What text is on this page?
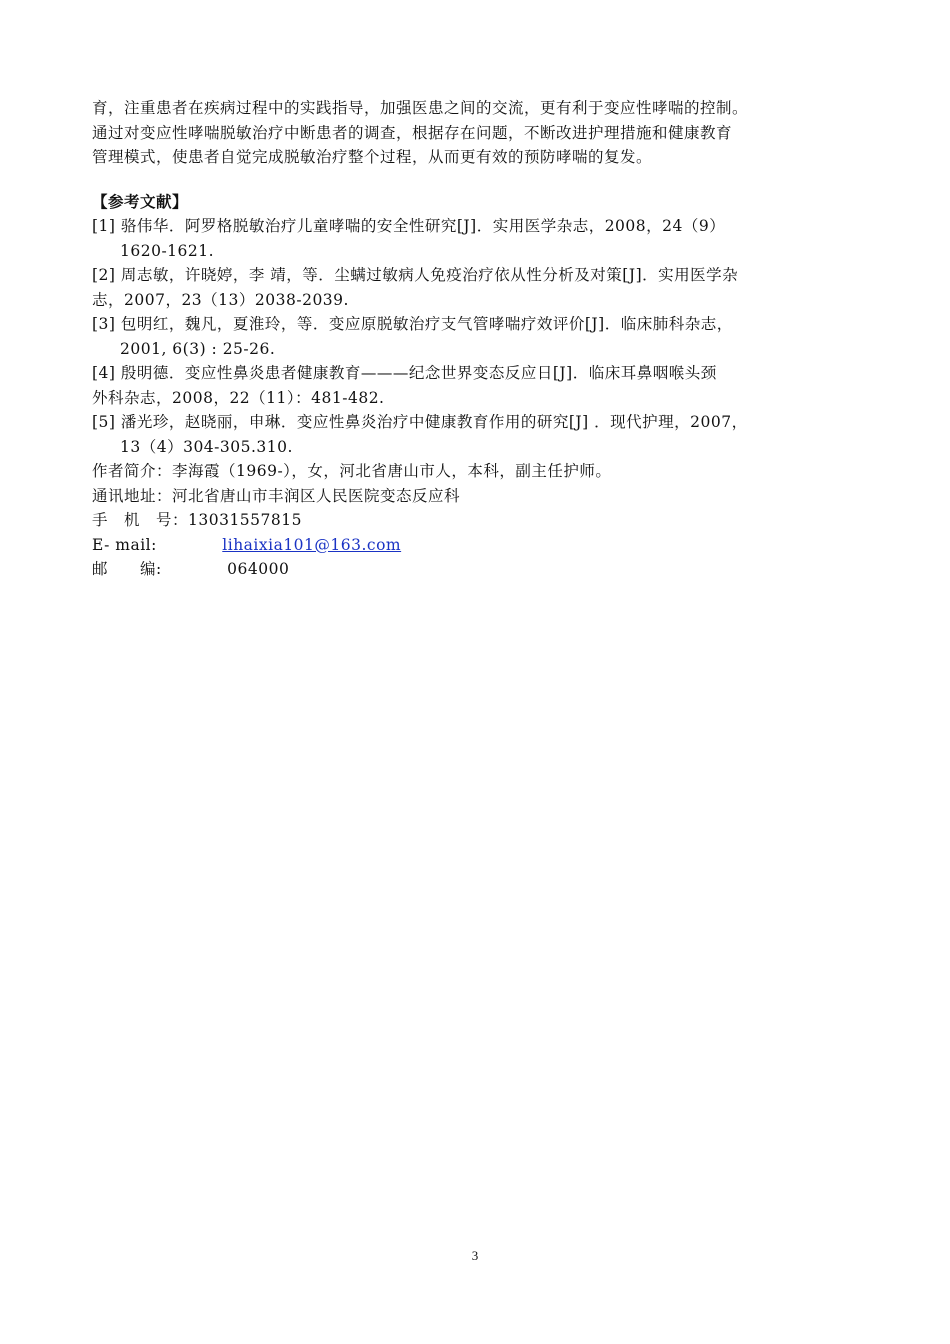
育，注重患者在疾病过程中的实践指导，加强医患之间的交流，更有利于变应性哮喘的控制。
通过对变应性哮喘脱敏治疗中断患者的调查，根据存在问题，不断改进护理措施和健康教育
管理模式，使患者自觉完成脱敏治疗整个过程，从而更有效的预防哮喘的复发。
【参考文献】
[1] 骆伟华．阿罗格脱敏治疗儿童哮喘的安全性研究[J]．实用医学杂志，2008，24（9）
1620-1621.
[2] 周志敏，许晓婷，李 靖，等．尘螨过敏病人免疫治疗依从性分析及对策[J]．实用医学杂
志，2007，23（13）2038-2039.
[3] 包明红，魏凡，夏淮玲，等．变应原脱敏治疗支气管哮喘疗效评价[J]．临床肺科杂志，
2001, 6(3) : 25-26.
[4] 殷明德．变应性鼻炎患者健康教育———纪念世界变态反应日[J]．临床耳鼻咽喉头颈
外科杂志，2008，22（11）：481-482.
[5] 潘光珍，赵晓丽，申琳．变应性鼻炎治疗中健康教育作用的研究[J] ．现代护理，2007，
13（4）304-305.310.
作者简介：李海霞（1969-），女，河北省唐山市人，本科，副主任护师。
通讯地址：河北省唐山市丰润区人民医院变态反应科
手　机　号：13031557815
E- mail:	lihaixia101@163.com
邮　　编:	064000
3
